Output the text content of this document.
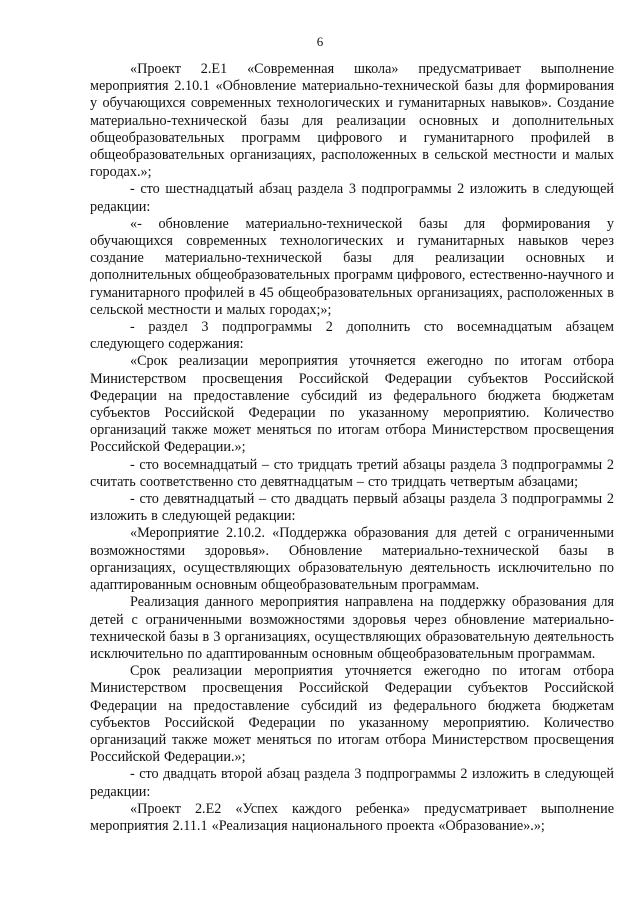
6

«Проект 2.Е1 «Современная школа» предусматривает выполнение мероприятия 2.10.1 «Обновление материально-технической базы для формирования у обучающихся современных технологических и гуманитарных навыков». Создание материально-технической базы для реализации основных и дополнительных общеобразовательных программ цифрового и гуманитарного профилей в общеобразовательных организациях, расположенных в сельской местности и малых городах.»;

- сто шестнадцатый абзац раздела 3 подпрограммы 2 изложить в следующей редакции:

«- обновление материально-технической базы для формирования у обучающихся современных технологических и гуманитарных навыков через создание материально-технической базы для реализации основных и дополнительных общеобразовательных программ цифрового, естественно-научного и гуманитарного профилей в 45 общеобразовательных организациях, расположенных в сельской местности и малых городах;»;

- раздел 3 подпрограммы 2 дополнить сто восемнадцатым абзацем следующего содержания:

«Срок реализации мероприятия уточняется ежегодно по итогам отбора Министерством просвещения Российской Федерации субъектов Российской Федерации на предоставление субсидий из федерального бюджета бюджетам субъектов Российской Федерации по указанному мероприятию. Количество организаций также может меняться по итогам отбора Министерством просвещения Российской Федерации.»;

- сто восемнадцатый – сто тридцать третий абзацы раздела 3 подпрограммы 2 считать соответственно сто девятнадцатым – сто тридцать четвертым абзацами;

- сто девятнадцатый – сто двадцать первый абзацы раздела 3 подпрограммы 2 изложить в следующей редакции:

«Мероприятие 2.10.2. «Поддержка образования для детей с ограниченными возможностями здоровья». Обновление материально-технической базы в организациях, осуществляющих образовательную деятельность исключительно по адаптированным основным общеобразовательным программам.

Реализация данного мероприятия направлена на поддержку образования для детей с ограниченными возможностями здоровья через обновление материально-технической базы в 3 организациях, осуществляющих образовательную деятельность исключительно по адаптированным основным общеобразовательным программам.

Срок реализации мероприятия уточняется ежегодно по итогам отбора Министерством просвещения Российской Федерации субъектов Российской Федерации на предоставление субсидий из федерального бюджета бюджетам субъектов Российской Федерации по указанному мероприятию. Количество организаций также может меняться по итогам отбора Министерством просвещения Российской Федерации.»;

- сто двадцать второй абзац раздела 3 подпрограммы 2 изложить в следующей редакции:

«Проект 2.Е2 «Успех каждого ребенка» предусматривает выполнение мероприятия 2.11.1 «Реализация национального проекта «Образование».»;
